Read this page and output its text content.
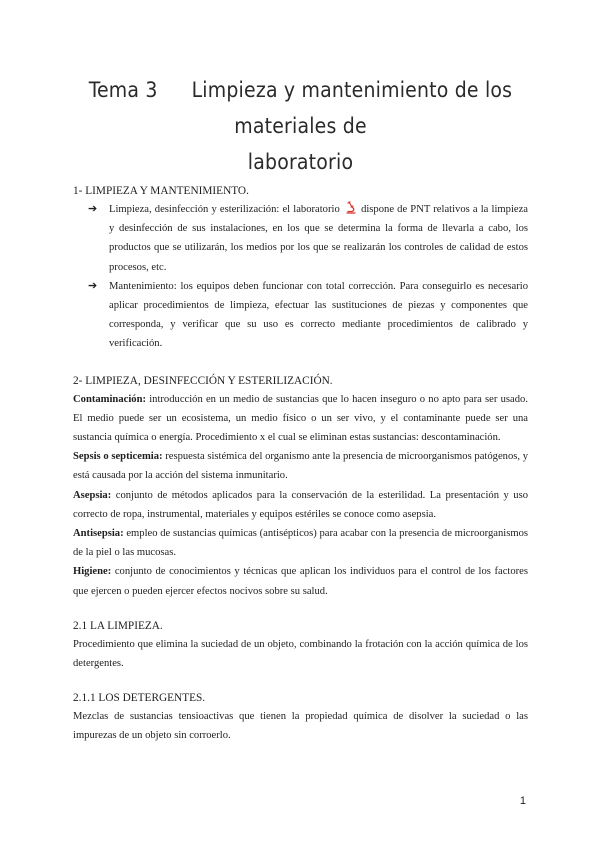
Tema 3 Limpieza y mantenimiento de los materiales de
laboratorio
1- LIMPIEZA Y MANTENIMIENTO.
➔ Limpieza, desinfección y esterilización: el laboratorio dispone de PNT relativos a la limpieza y desinfección de sus instalaciones, en los que se determina la forma de llevarla a cabo, los productos que se utilizarán, los medios por los que se realizarán los controles de calidad de estos procesos, etc.
➔ Mantenimiento: los equipos deben funcionar con total corrección. Para conseguirlo es necesario aplicar procedimientos de limpieza, efectuar las sustituciones de piezas y componentes que corresponda, y verificar que su uso es correcto mediante procedimientos de calibrado y verificación.
2- LIMPIEZA, DESINFECCIÓN Y ESTERILIZACIÓN.

Contaminación: introducción en un medio de sustancias que lo hacen inseguro o no apto para ser usado. El medio puede ser un ecosistema, un medio físico o un ser vivo, y el contaminante puede ser una sustancia química o energía. Procedimiento x el cual se eliminan estas sustancias: descontaminación.

Sepsis o septicemia: respuesta sistémica del organismo ante la presencia de microorganismos patógenos, y está causada por la acción del sistema inmunitario.

Asepsia: conjunto de métodos aplicados para la conservación de la esterilidad. La presentación y uso correcto de ropa, instrumental, materiales y equipos estériles se conoce como asepsia.

Antisepsia: empleo de sustancias químicas (antisépticos) para acabar con la presencia de microorganismos de la piel o las mucosas.

Higiene: conjunto de conocimientos y técnicas que aplican los individuos para el control de los factores que ejercen o pueden ejercer efectos nocivos sobre su salud.

2.1 LA LIMPIEZA.

Procedimiento que elimina la suciedad de un objeto, combinando la frotación con la acción química de los detergentes.

2.1.1 LOS DETERGENTES.

Mezclas de sustancias tensioactivas que tienen la propiedad química de disolver la suciedad o las impurezas de un objeto sin corroerlo.

1
